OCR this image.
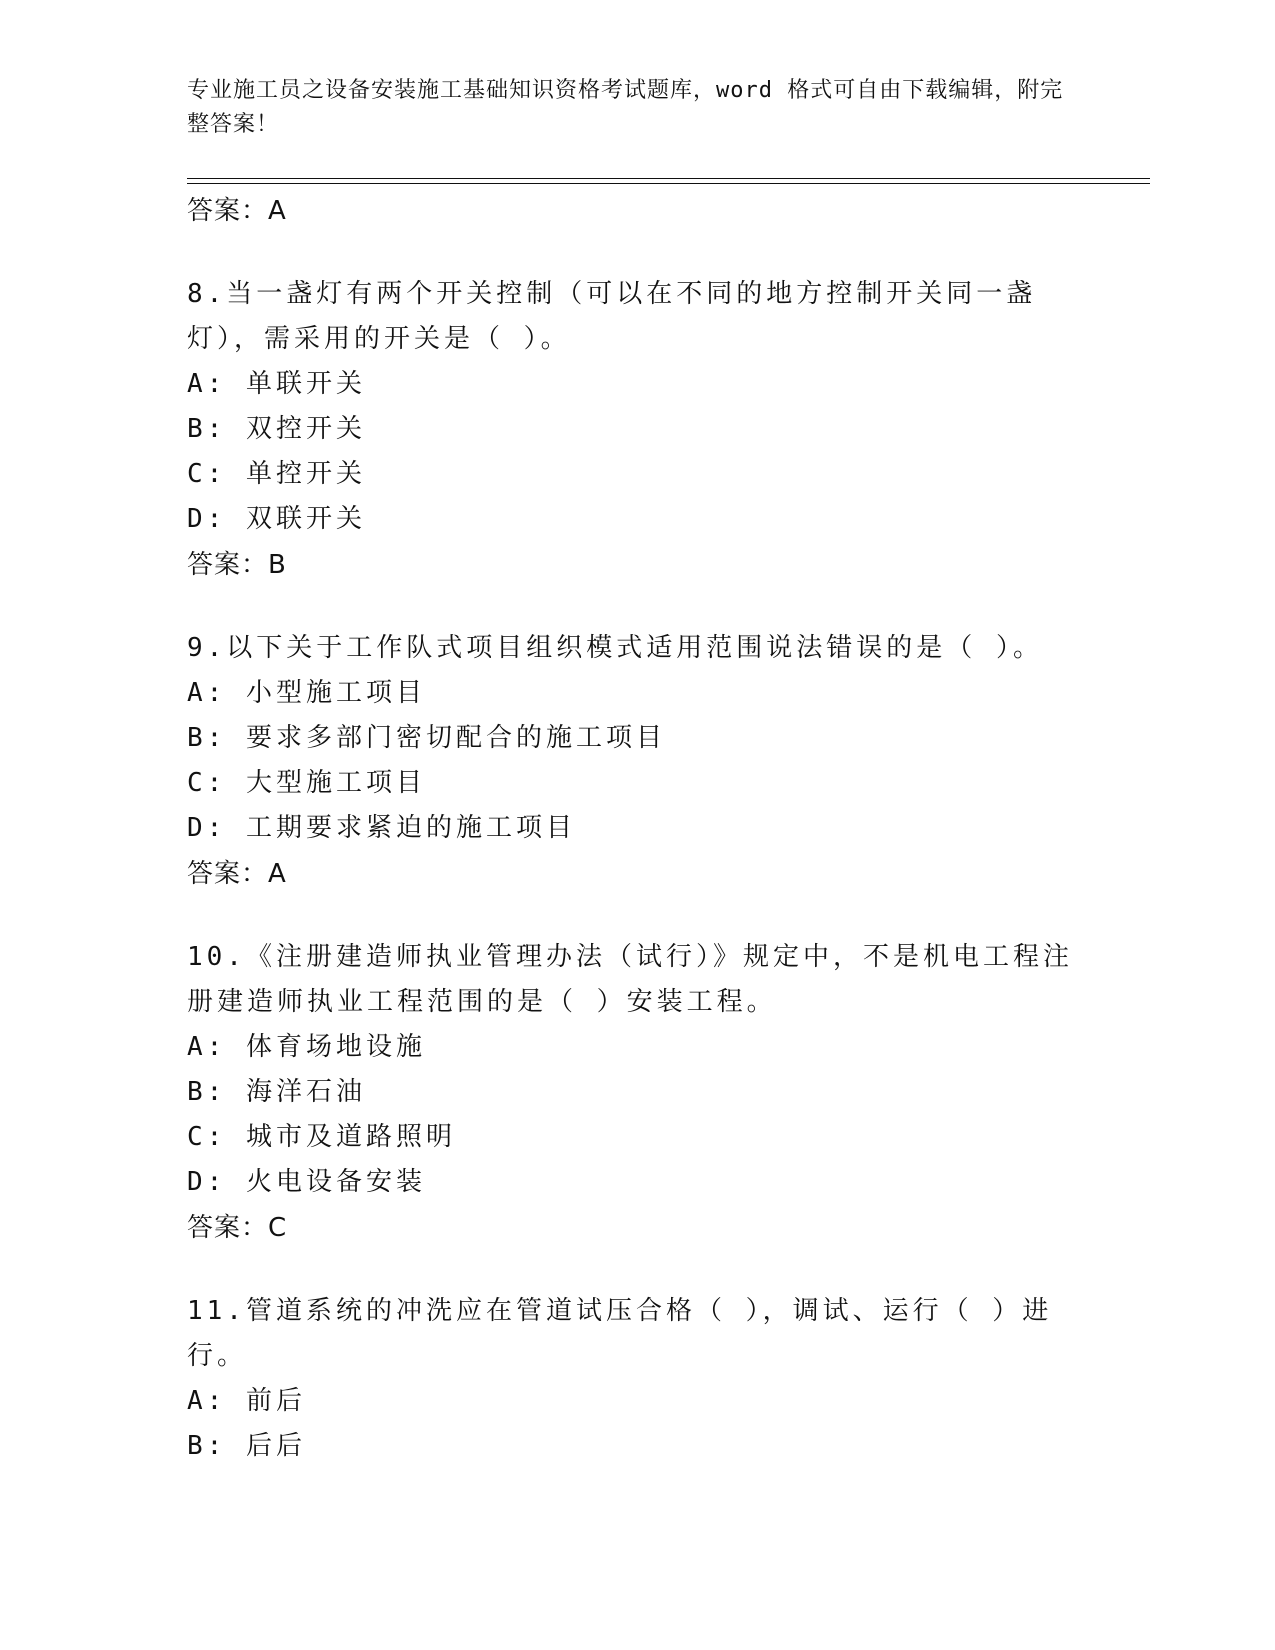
专业施工员之设备安装施工基础知识资格考试题库，word 格式可自由下载编辑，附完整答案！
答案：A
8.当一盏灯有两个开关控制（可以在不同的地方控制开关同一盏灯），需采用的开关是（ ）。
A: 单联开关
B: 双控开关
C: 单控开关
D: 双联开关
答案：B
9.以下关于工作队式项目组织模式适用范围说法错误的是（ ）。
A: 小型施工项目
B: 要求多部门密切配合的施工项目
C: 大型施工项目
D: 工期要求紧迫的施工项目
答案：A
10.《注册建造师执业管理办法（试行）》规定中，不是机电工程注册建造师执业工程范围的是（ ）安装工程。
A: 体育场地设施
B: 海洋石油
C: 城市及道路照明
D: 火电设备安装
答案：C
11.管道系统的冲洗应在管道试压合格（ ），调试、运行（ ）进行。
A: 前后
B: 后后
